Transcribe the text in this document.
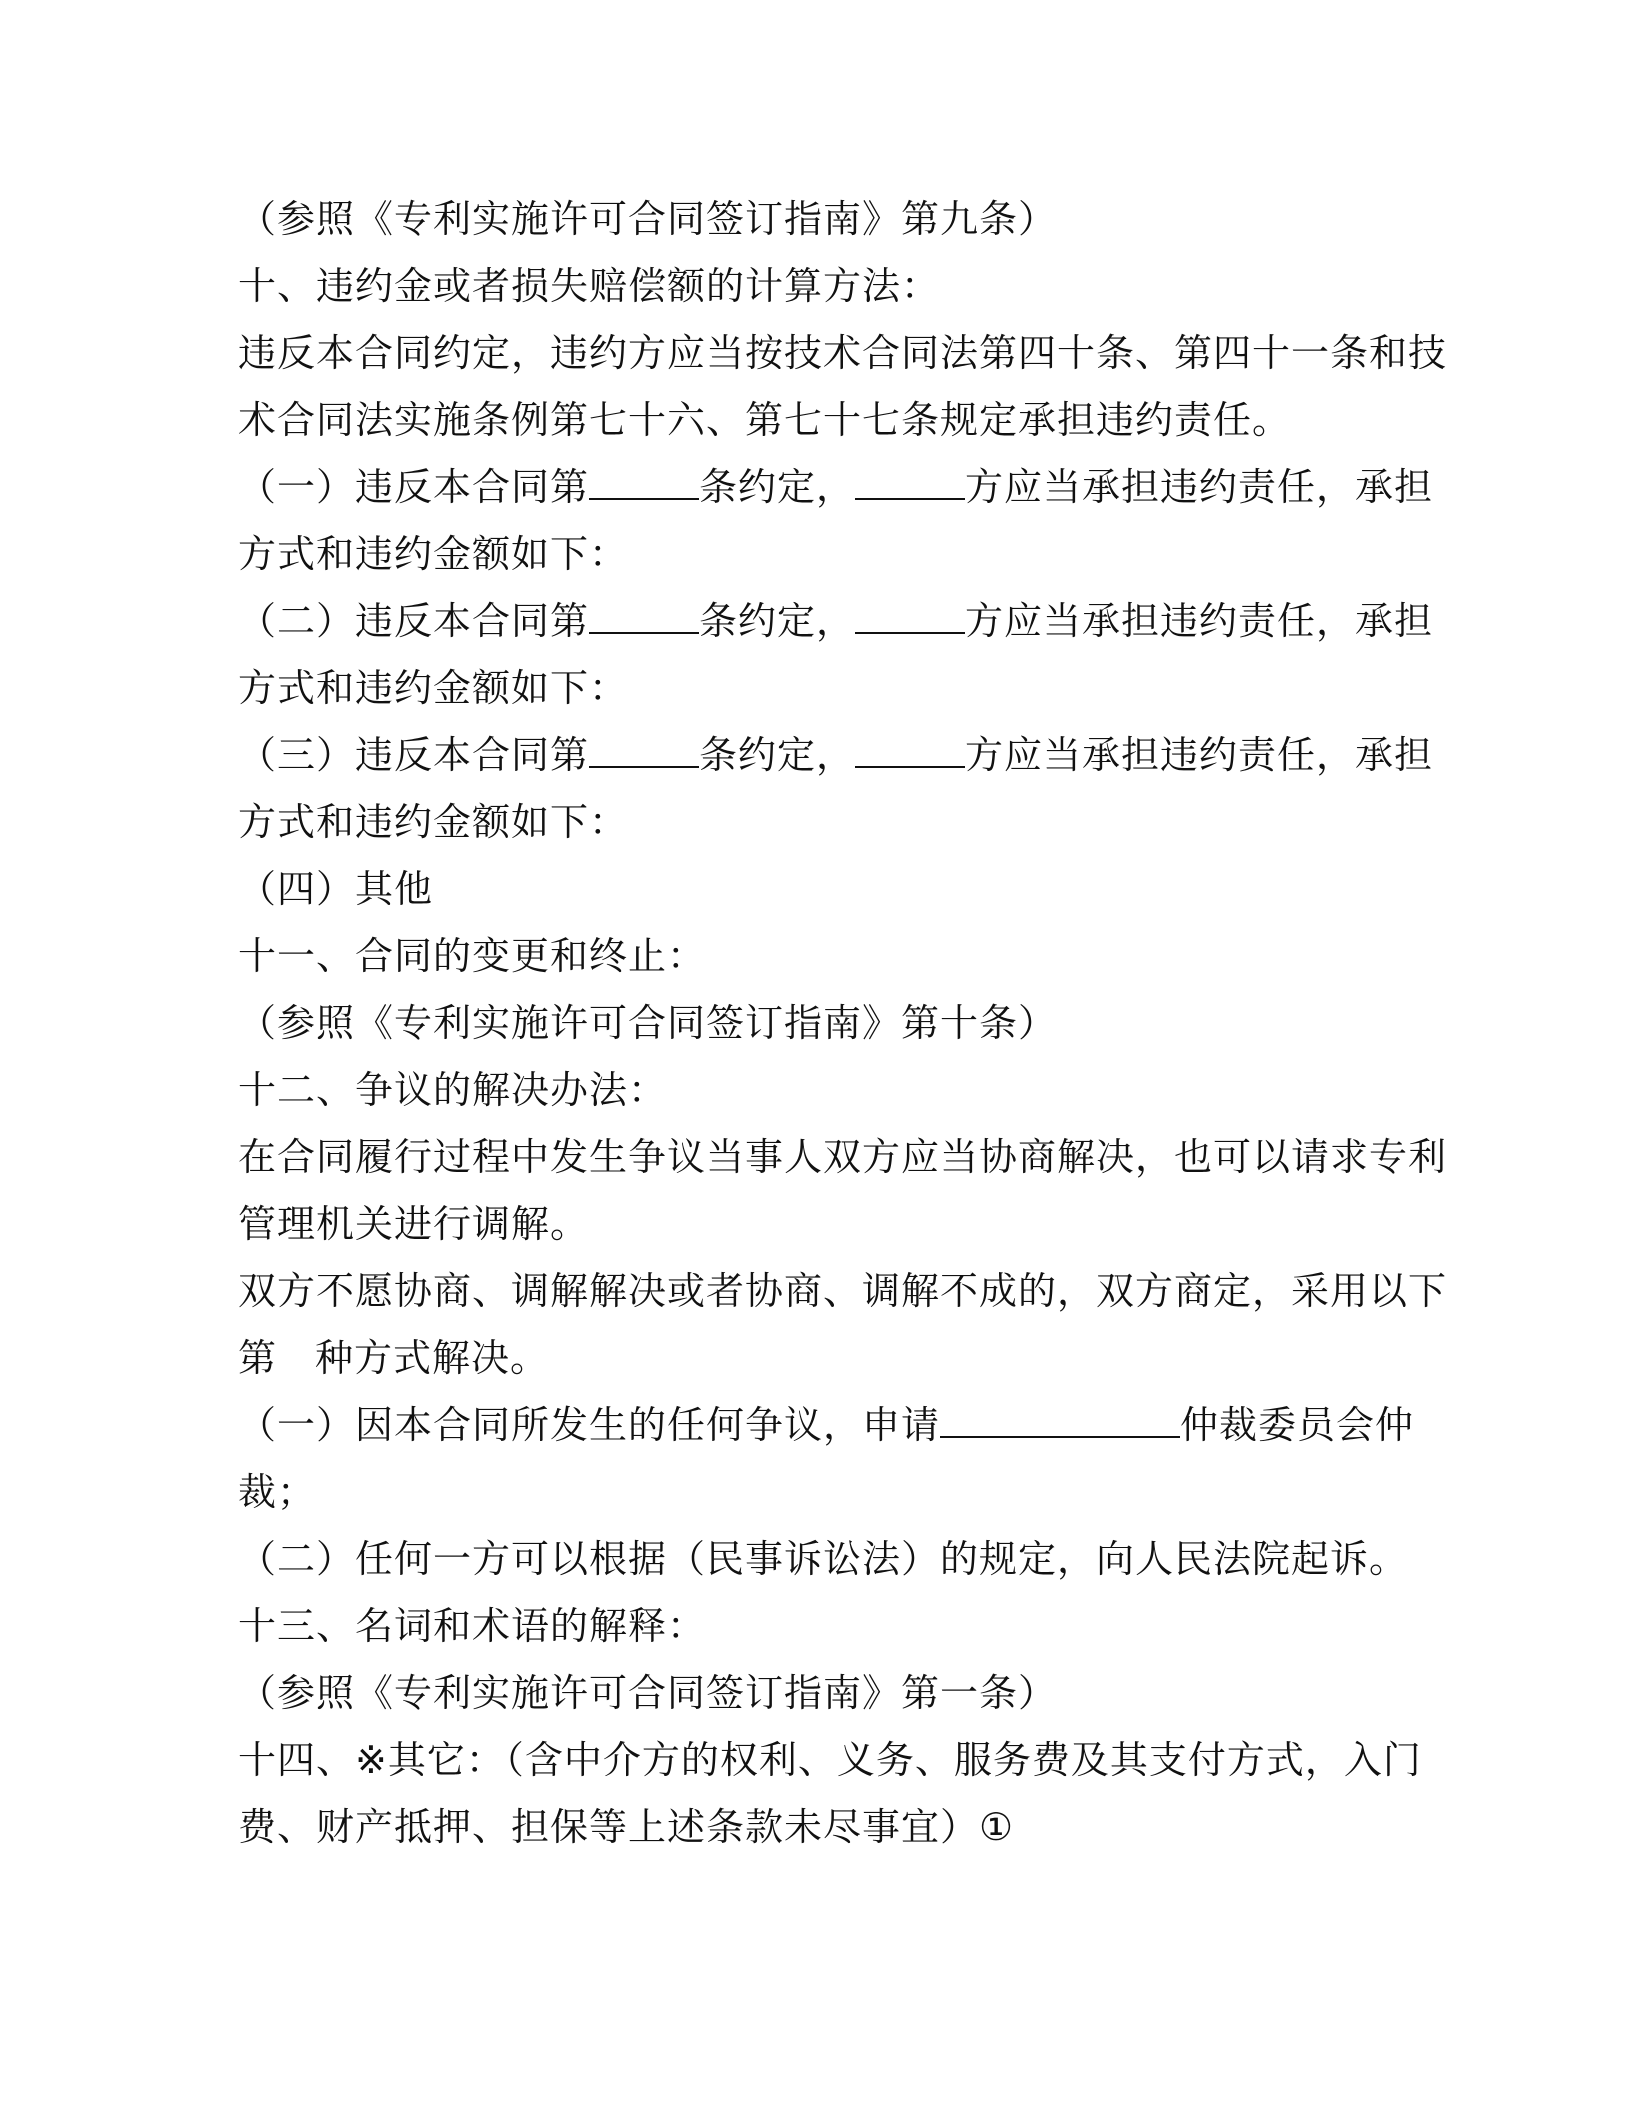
（参照《专利实施许可合同签订指南》第九条）
十、违约金或者损失赔偿额的计算方法：
违反本合同约定，违约方应当按技术合同法第四十条、第四十一条和技
术合同法实施条例第七十六、第七十七条规定承担违约责任。
（一）违反本合同第	条约定，	方应当承担违约责任，承担
方式和违约金额如下：
（二）违反本合同第	条约定，	方应当承担违约责任，承担
方式和违约金额如下：
（三）违反本合同第	条约定，	方应当承担违约责任，承担
方式和违约金额如下：
（四）其他
十一、合同的变更和终止：
（参照《专利实施许可合同签订指南》第十条）
十二、争议的解决办法：
在合同履行过程中发生争议当事人双方应当协商解决，也可以请求专利
管理机关进行调解。
双方不愿协商、调解解决或者协商、调解不成的，双方商定，采用以下
第 种方式解决。
（一）因本合同所发生的任何争议，申请	仲裁委员会仲
裁；
（二）任何一方可以根据（民事诉讼法）的规定，向人民法院起诉。
十三、名词和术语的解释：
（参照《专利实施许可合同签订指南》第一条）
十四、※其它：（含中介方的权利、义务、服务费及其支付方式，入门
费、财产抵押、担保等上述条款未尽事宜）①
